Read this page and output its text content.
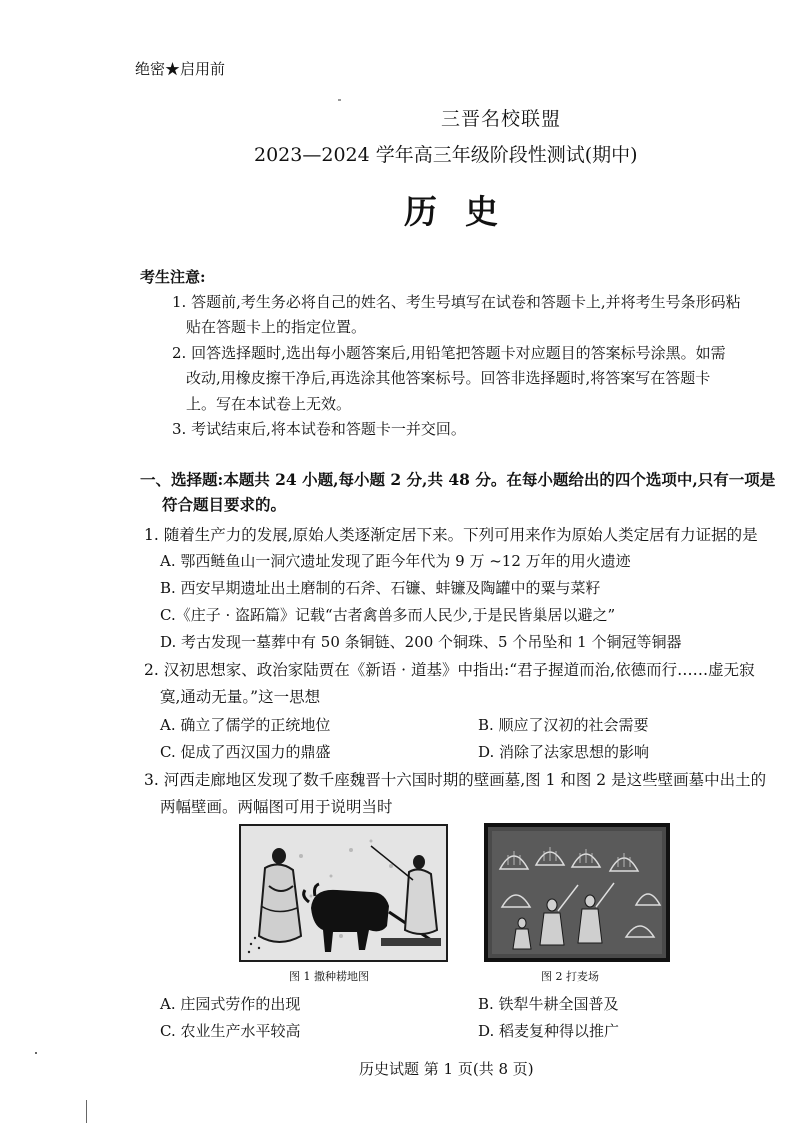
绝密★启用前
三晋名校联盟
2023—2024 学年高三年级阶段性测试(期中)
历史
考生注意:
1. 答题前,考生务必将自己的姓名、考生号填写在试卷和答题卡上,并将考生号条形码粘
贴在答题卡上的指定位置。
2. 回答选择题时,选出每小题答案后,用铅笔把答题卡对应题目的答案标号涂黑。如需
改动,用橡皮擦干净后,再选涂其他答案标号。回答非选择题时,将答案写在答题卡
上。写在本试卷上无效。
3. 考试结束后,将本试卷和答题卡一并交回。
一、选择题:本题共 24 小题,每小题 2 分,共 48 分。在每小题给出的四个选项中,只有一项是
符合题目要求的。
1. 随着生产力的发展,原始人类逐渐定居下来。下列可用来作为原始人类定居有力证据的是
A. 鄂西鲢鱼山一洞穴遗址发现了距今年代为 9 万 ~12 万年的用火遗迹
B. 西安早期遗址出土磨制的石斧、石镰、蚌镰及陶罐中的粟与菜籽
C.《庄子 · 盗跖篇》记载“古者禽兽多而人民少,于是民皆巢居以避之”
D. 考古发现一墓葬中有 50 条铜链、200 个铜珠、5 个吊坠和 1 个铜冠等铜器
2. 汉初思想家、政治家陆贾在《新语 · 道基》中指出:“君子握道而治,依德而行……虚无寂
寞,通动无量。”这一思想
A. 确立了儒学的正统地位	B. 顺应了汉初的社会需要
C. 促成了西汉国力的鼎盛	D. 消除了法家思想的影响
3. 河西走廊地区发现了数千座魏晋十六国时期的壁画墓,图 1 和图 2 是这些壁画墓中出土的
两幅壁画。两幅图可用于说明当时
图 1 撒种耢地图	图 2 打麦场
A. 庄园式劳作的出现	B. 铁犁牛耕全国普及
C. 农业生产水平较高	D. 稻麦复种得以推广
历史试题 第 1 页(共 8 页)
